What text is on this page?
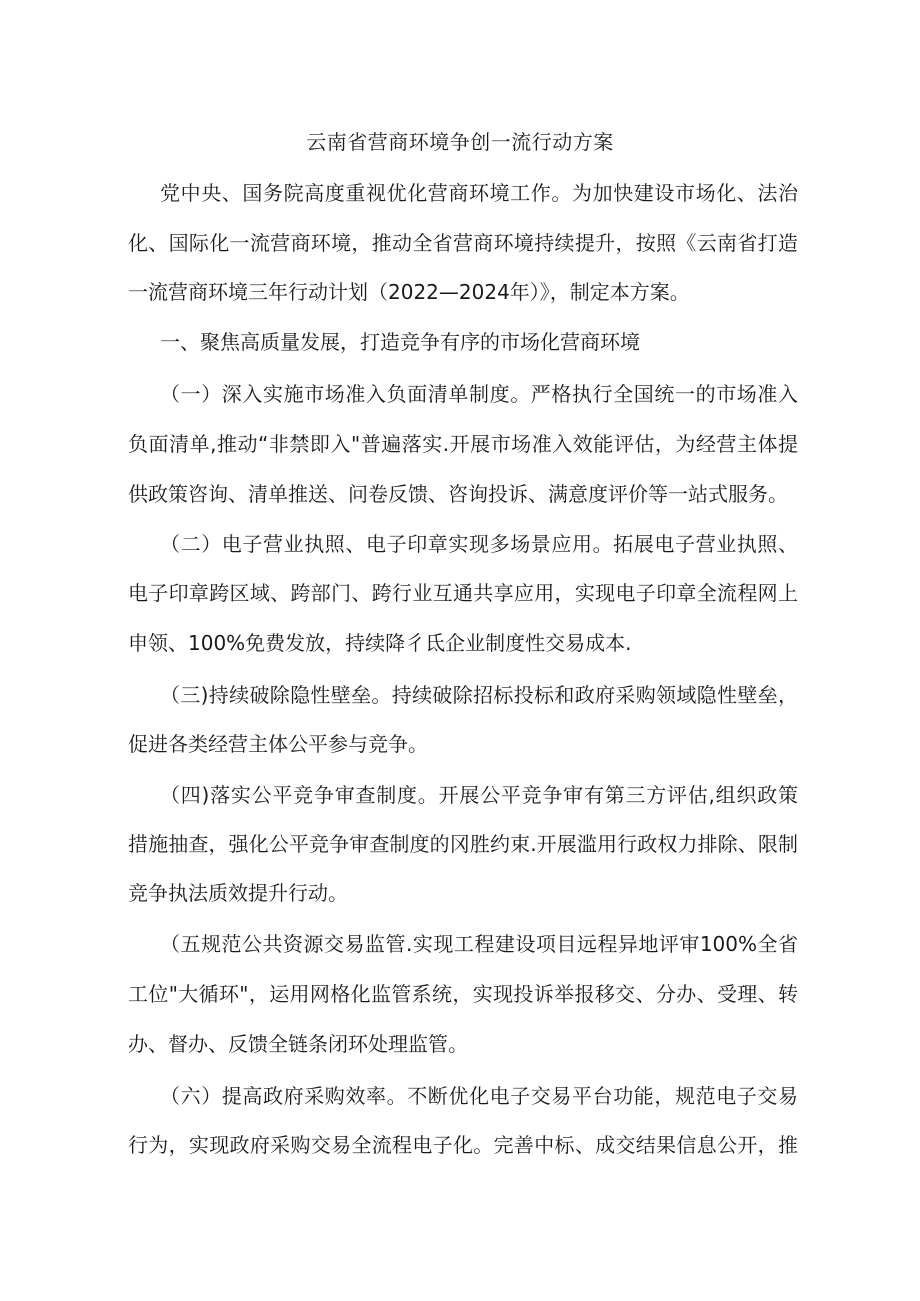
云南省营商环境争创一流行动方案
党中央、国务院高度重视优化营商环境工作。为加快建设市场化、法治
化、国际化一流营商环境，推动全省营商环境持续提升，按照《云南省打造
一流营商环境三年行动计划（2022—2024年）》，制定本方案。
一、聚焦高质量发展，打造竞争有序的市场化营商环境
（一）深入实施市场准入负面清单制度。严格执行全国统一的市场准入
负面清单,推动“非禁即入"普遍落实.开展市场准入效能评估，为经营主体提
供政策咨询、清单推送、问卷反馈、咨询投诉、满意度评价等一站式服务。
（二）电子营业执照、电子印章实现多场景应用。拓展电子营业执照、
电子印章跨区域、跨部门、跨行业互通共享应用，实现电子印章全流程网上
申领、100%免费发放，持续降彳氐企业制度性交易成本.
（三)持续破除隐性壁垒。持续破除招标投标和政府采购领域隐性壁垒，
促进各类经营主体公平参与竞争。
（四)落实公平竞争审查制度。开展公平竞争审有第三方评估,组织政策
措施抽查，强化公平竞争审查制度的冈胜约束.开展滥用行政权力排除、限制
竞争执法质效提升行动。
（五规范公共资源交易监管.实现工程建设项目远程异地评审100%全省
工位"大循环"，运用网格化监管系统，实现投诉举报移交、分办、受理、转
办、督办、反馈全链条闭环处理监管。
（六）提高政府采购效率。不断优化电子交易平台功能，规范电子交易
行为，实现政府采购交易全流程电子化。完善中标、成交结果信息公开，推
